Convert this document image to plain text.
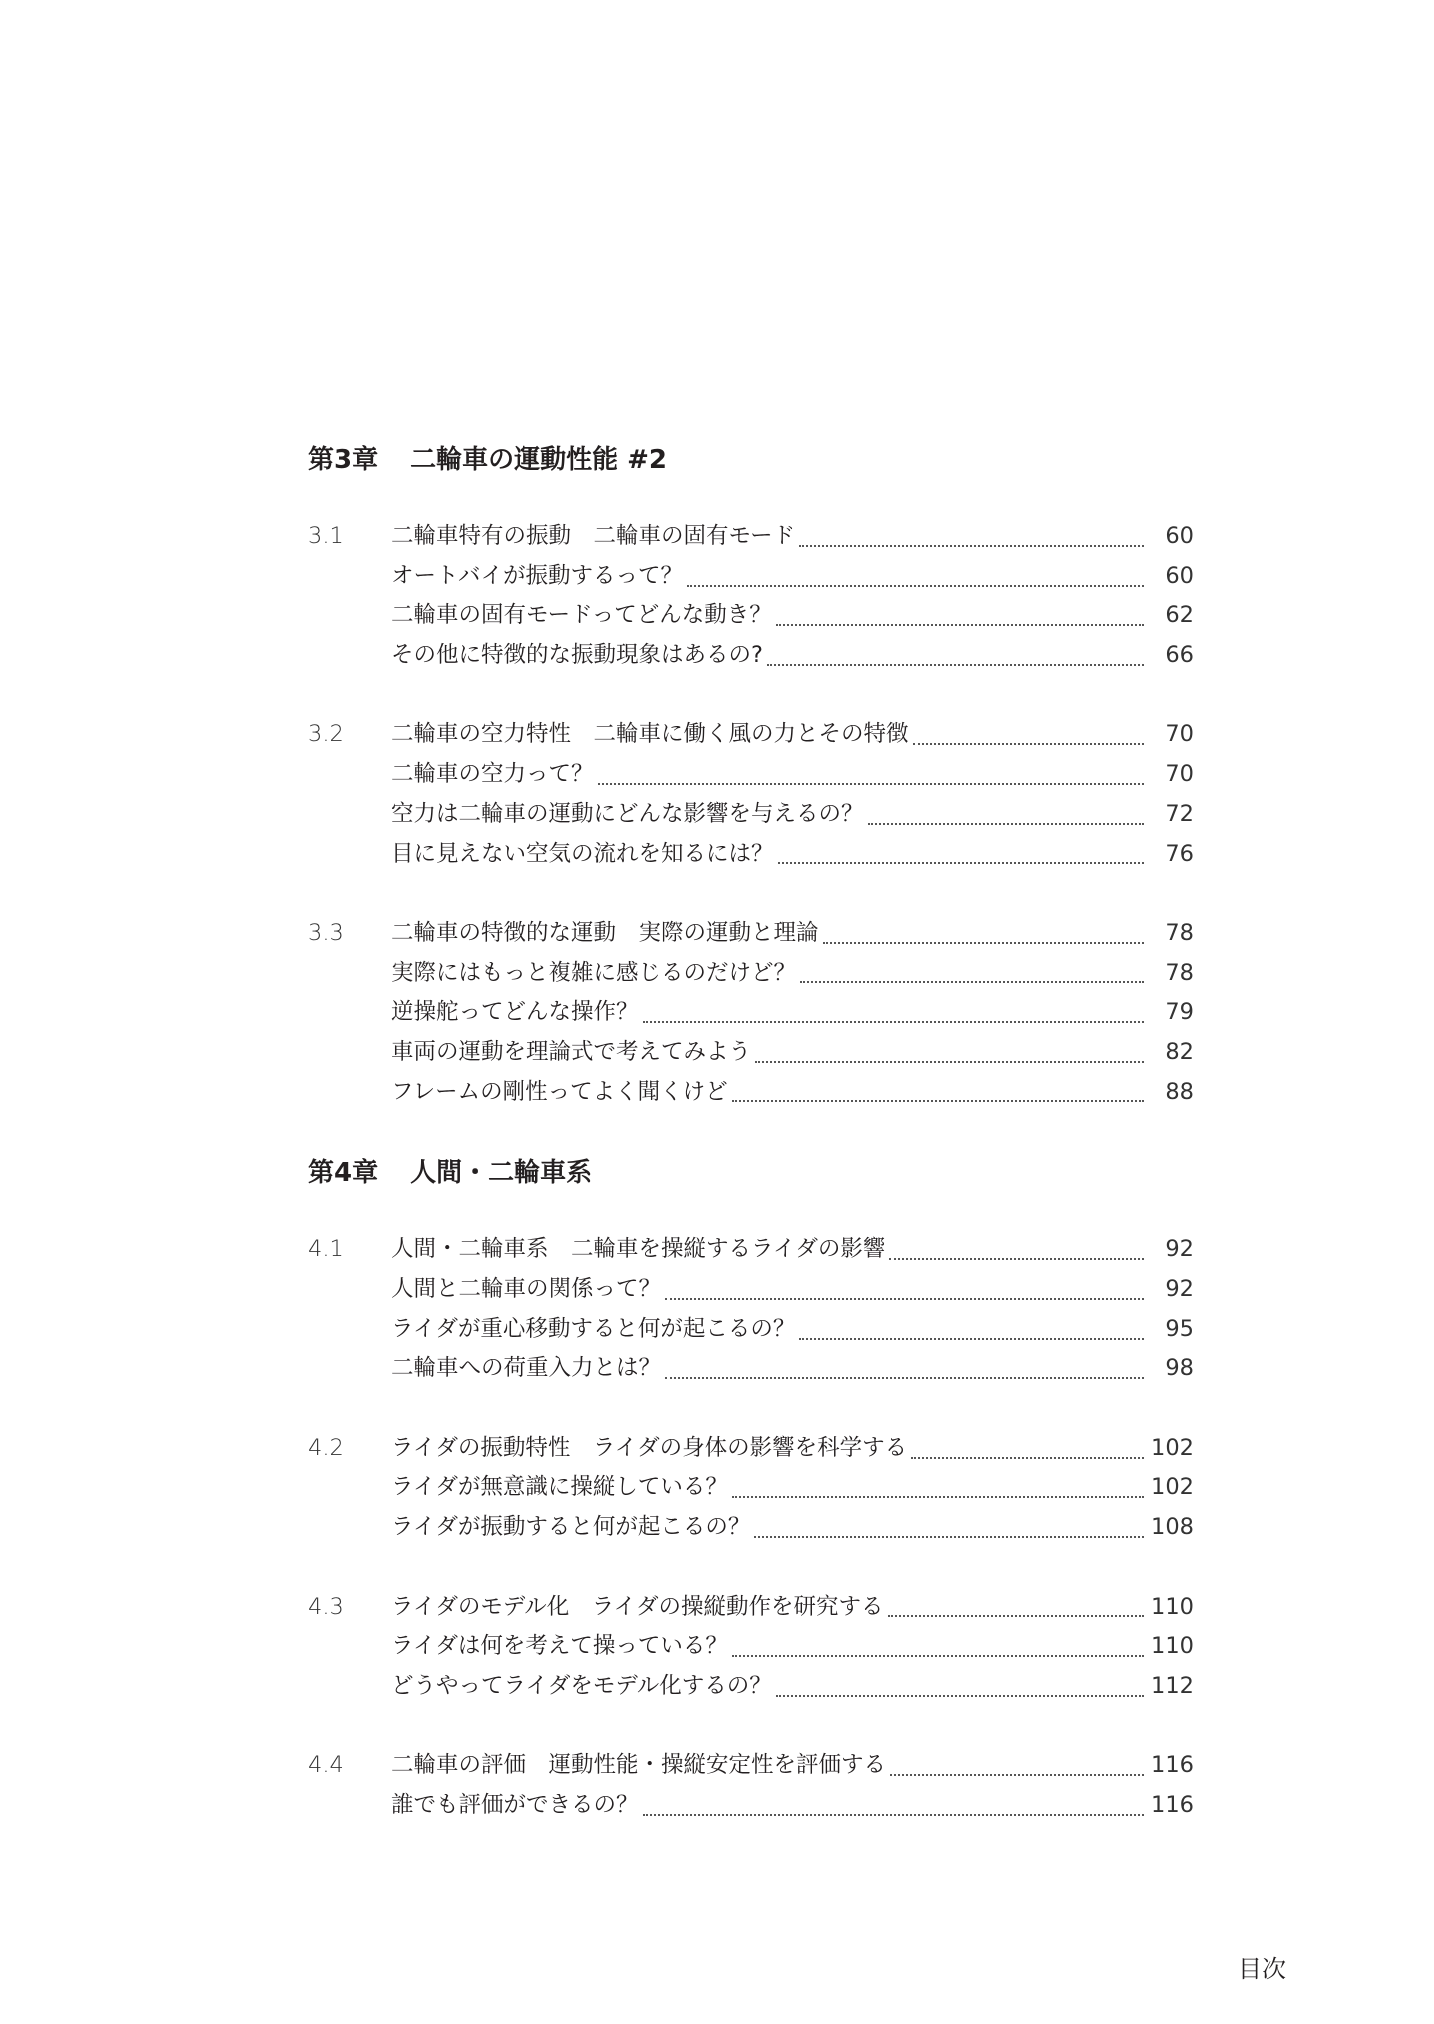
第3章 二輪車の運動性能 #2
3.1	二輪車特有の振動　二輪車の固有モード	60
オートバイが振動するって？	60
二輪車の固有モードってどんな動き？	62
その他に特徴的な振動現象はあるの?	66
3.2	二輪車の空力特性　二輪車に働く風の力とその特徴	70
二輪車の空力って？	70
空力は二輪車の運動にどんな影響を与えるの？	72
目に見えない空気の流れを知るには？	76
3.3	二輪車の特徴的な運動　実際の運動と理論	78
実際にはもっと複雑に感じるのだけど？	78
逆操舵ってどんな操作？	79
車両の運動を理論式で考えてみよう	82
フレームの剛性ってよく聞くけど	88
第4章 人間・二輪車系
4.1	人間・二輪車系　二輪車を操縦するライダの影響	92
人間と二輪車の関係って？	92
ライダが重心移動すると何が起こるの？	95
二輪車への荷重入力とは？	98
4.2	ライダの振動特性　ライダの身体の影響を科学する	102
ライダが無意識に操縦している？	102
ライダが振動すると何が起こるの？	108
4.3	ライダのモデル化　ライダの操縦動作を研究する	110
ライダは何を考えて操っている？	110
どうやってライダをモデル化するの？	112
4.4	二輪車の評価　運動性能・操縦安定性を評価する	116
誰でも評価ができるの？	116
目次
